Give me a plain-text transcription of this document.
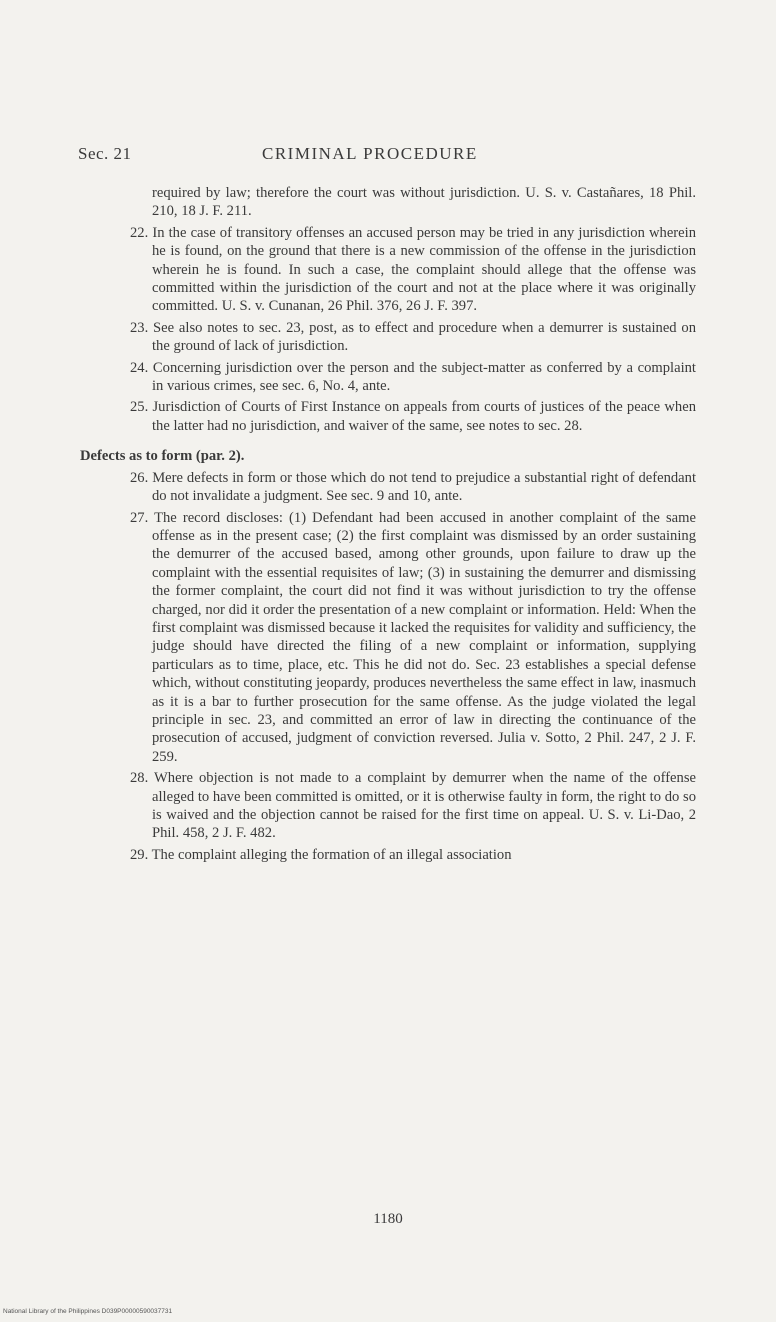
Sec. 21	CRIMINAL PROCEDURE

required by law; therefore the court was without jurisdiction. U. S. v. Castañares, 18 Phil. 210, 18 J. F. 211.

22. In the case of transitory offenses an accused person may be tried in any jurisdiction wherein he is found, on the ground that there is a new commission of the offense in the jurisdiction wherein he is found. In such a case, the complaint should allege that the offense was committed within the jurisdiction of the court and not at the place where it was originally committed. U. S. v. Cunanan, 26 Phil. 376, 26 J. F. 397.

23. See also notes to sec. 23, post, as to effect and procedure when a demurrer is sustained on the ground of lack of jurisdiction.

24. Concerning jurisdiction over the person and the subject-matter as conferred by a complaint in various crimes, see sec. 6, No. 4, ante.

25. Jurisdiction of Courts of First Instance on appeals from courts of justices of the peace when the latter had no jurisdiction, and waiver of the same, see notes to sec. 28.

Defects as to form (par. 2).

26. Mere defects in form or those which do not tend to prejudice a substantial right of defendant do not invalidate a judgment. See sec. 9 and 10, ante.

27. The record discloses: (1) Defendant had been accused in another complaint of the same offense as in the present case; (2) the first complaint was dismissed by an order sustaining the demurrer of the accused based, among other grounds, upon failure to draw up the complaint with the essential requisites of law; (3) in sustaining the demurrer and dismissing the former complaint, the court did not find it was without jurisdiction to try the offense charged, nor did it order the presentation of a new complaint or information. Held: When the first complaint was dismissed because it lacked the requisites for validity and sufficiency, the judge should have directed the filing of a new complaint or information, supplying particulars as to time, place, etc. This he did not do. Sec. 23 establishes a special defense which, without constituting jeopardy, produces nevertheless the same effect in law, inasmuch as it is a bar to further prosecution for the same offense. As the judge violated the legal principle in sec. 23, and committed an error of law in directing the continuance of the prosecution of accused, judgment of conviction reversed. Julia v. Sotto, 2 Phil. 247, 2 J. F. 259.

28. Where objection is not made to a complaint by demurrer when the name of the offense alleged to have been committed is omitted, or it is otherwise faulty in form, the right to do so is waived and the objection cannot be raised for the first time on appeal. U. S. v. Li-Dao, 2 Phil. 458, 2 J. F. 482.

29. The complaint alleging the formation of an illegal association

1180
National Library of the Philippines D039P0000059003773​1
